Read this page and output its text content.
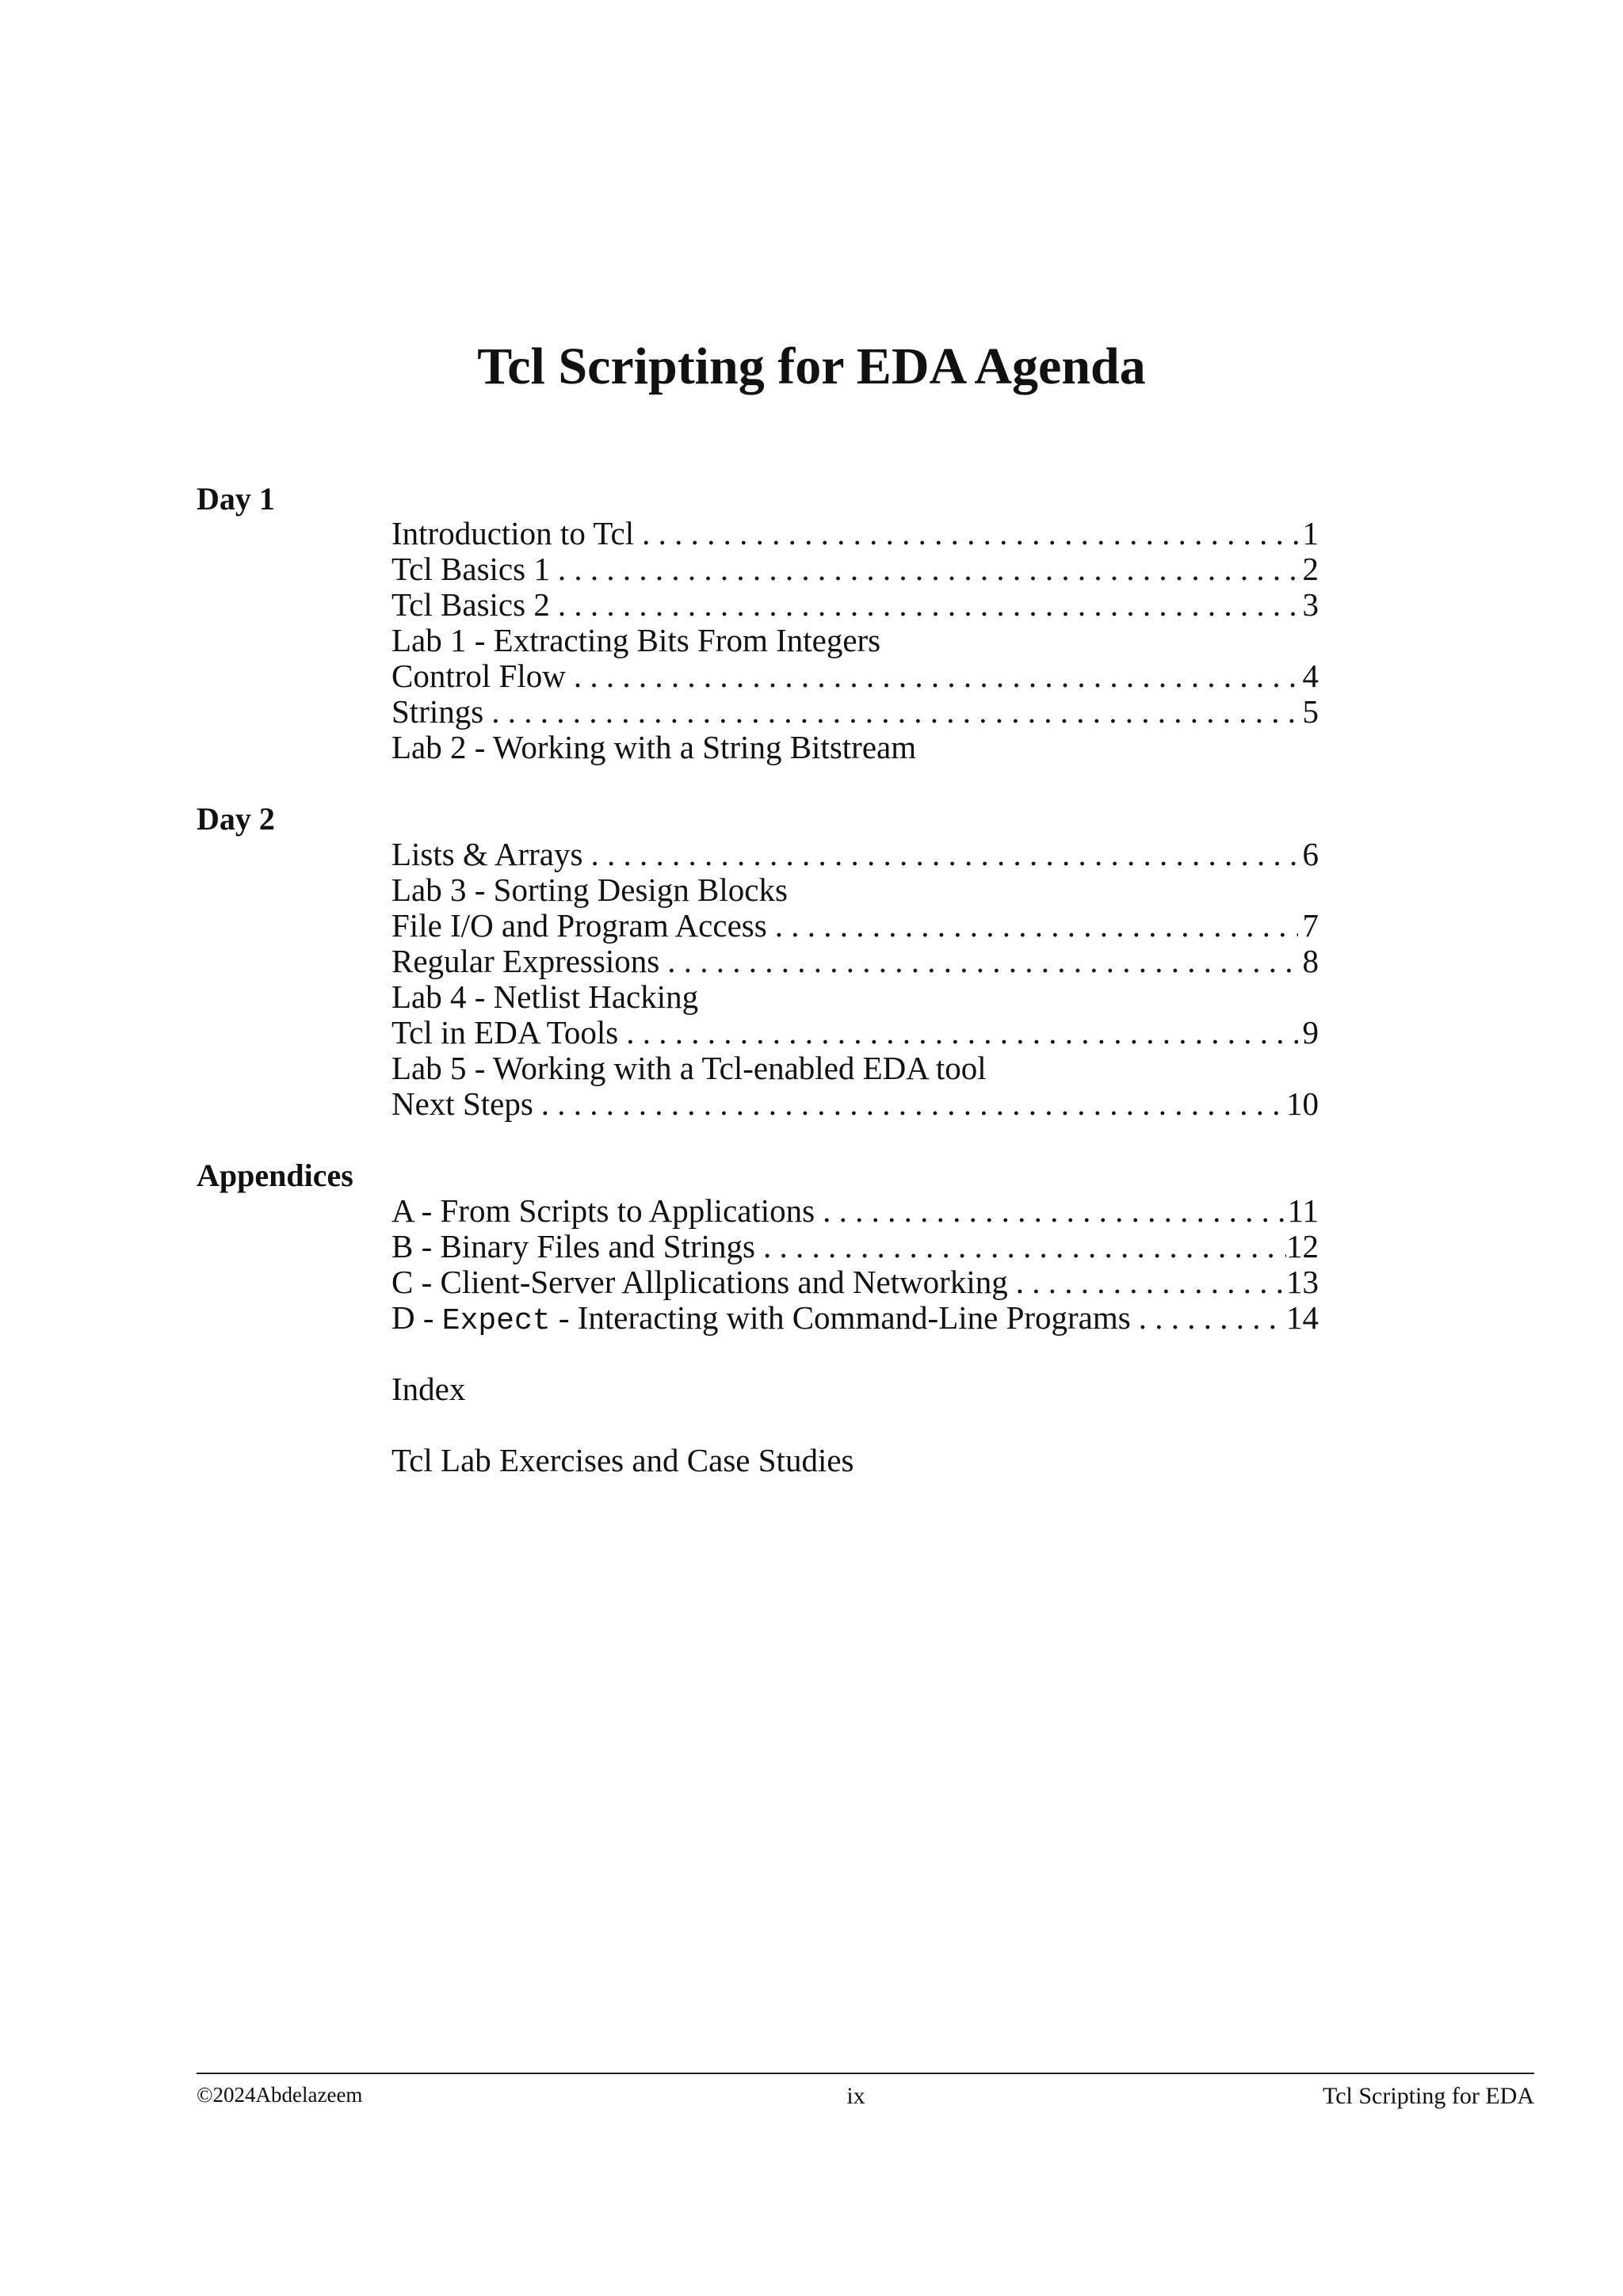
Tcl Scripting for EDA Agenda
Day 1
Introduction to Tcl . . .	1
Tcl Basics 1 . . .	2
Tcl Basics 2 . . .	3
Lab 1 - Extracting Bits From Integers
Control Flow . . .	4
Strings . . .	5
Lab 2 - Working with a String Bitstream
Day 2
Lists & Arrays . . .	6
Lab 3 - Sorting Design Blocks
File I/O and Program Access . . .	7
Regular Expressions . . .	8
Lab 4 - Netlist Hacking
Tcl in EDA Tools . . .	9
Lab 5 - Working with a Tcl-enabled EDA tool
Next Steps . . .	10
Appendices
A - From Scripts to Applications . . .	11
B - Binary Files and Strings . . .	12
C - Client-Server Allplications and Networking . . .	13
D - Expect - Interacting with Command-Line Programs . . .	14
Index
Tcl Lab Exercises and Case Studies
©2024Abdelazeem	ix	Tcl Scripting for EDA
